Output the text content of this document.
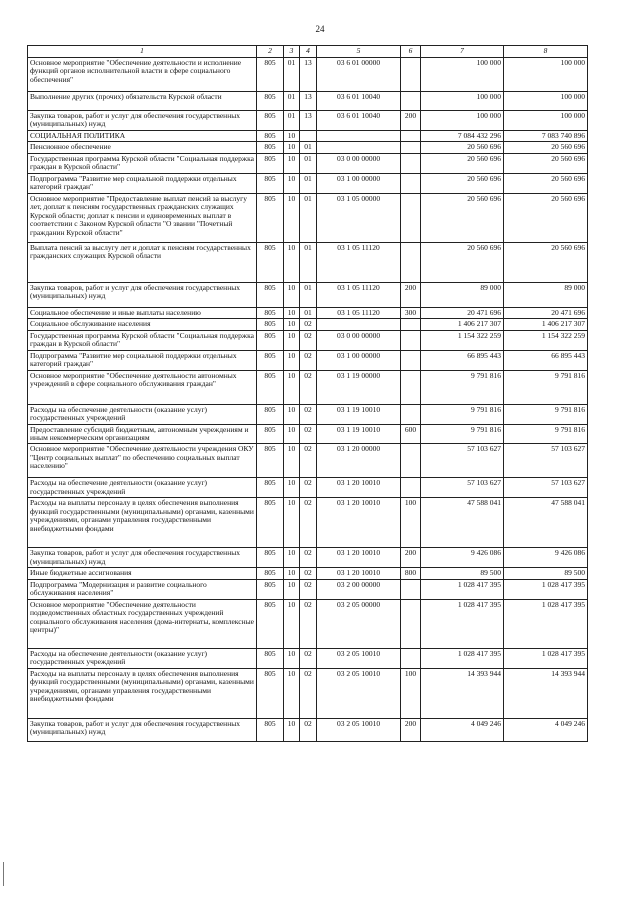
24
1	2	3	4	5	6	7	8
Основное мероприятие "Обеспечение деятельности и исполнение функций органов исполнительной власти в сфере социального обеспечения"	805	01	13	03 6 01 00000		100 000	100 000
Выполнение других (прочих) обязательств Курской области	805	01	13	03 6 01 10040		100 000	100 000
Закупка товаров, работ и услуг для обеспечения государственных (муниципальных) нужд	805	01	13	03 6 01 10040	200	100 000	100 000
СОЦИАЛЬНАЯ ПОЛИТИКА	805	10				7 084 432 296	7 083 740 896
Пенсионное обеспечение	805	10	01			20 560 696	20 560 696
Государственная программа Курской области "Социальная поддержка граждан в Курской области"	805	10	01	03 0 00 00000		20 560 696	20 560 696
Подпрограмма "Развитие мер социальной поддержки отдельных категорий граждан"	805	10	01	03 1 00 00000		20 560 696	20 560 696
Основное мероприятие "Предоставление выплат пенсий за выслугу лет, доплат к пенсиям государственных гражданских служащих Курской области; доплат к пенсии и единовременных выплат в соответствии с Законом Курской области "О звании "Почетный гражданин Курской области"	805	10	01	03 1 05 00000		20 560 696	20 560 696
Выплата пенсий за выслугу лет и доплат к пенсиям государственных гражданских служащих Курской области	805	10	01	03 1 05 11120		20 560 696	20 560 696
Закупка товаров, работ и услуг для обеспечения государственных (муниципальных) нужд	805	10	01	03 1 05 11120	200	89 000	89 000
Социальное обеспечение и иные выплаты населению	805	10	01	03 1 05 11120	300	20 471 696	20 471 696
Социальное обслуживание населения	805	10	02			1 406 217 307	1 406 217 307
Государственная программа Курской области "Социальная поддержка граждан в Курской области"	805	10	02	03 0 00 00000		1 154 322 259	1 154 322 259
Подпрограмма "Развитие мер социальной поддержки отдельных категорий граждан"	805	10	02	03 1 00 00000		66 895 443	66 895 443
Основное мероприятие "Обеспечение деятельности автономных учреждений в сфере социального обслуживания граждан"	805	10	02	03 1 19 00000		9 791 816	9 791 816
Расходы на обеспечение деятельности (оказание услуг) государственных учреждений	805	10	02	03 1 19 10010		9 791 816	9 791 816
Предоставление субсидий бюджетным, автономным учреждениям и иным некоммерческим организациям	805	10	02	03 1 19 10010	600	9 791 816	9 791 816
Основное мероприятие "Обеспечение деятельности учреждения ОКУ "Центр социальных выплат" по обеспечению социальных выплат населению"	805	10	02	03 1 20 00000		57 103 627	57 103 627
Расходы на обеспечение деятельности (оказание услуг) государственных учреждений	805	10	02	03 1 20 10010		57 103 627	57 103 627
Расходы на выплаты персоналу в целях обеспечения выполнения функций государственными (муниципальными) органами, казенными учреждениями, органами управления государственными внебюджетными фондами	805	10	02	03 1 20 10010	100	47 588 041	47 588 041
Закупка товаров, работ и услуг для обеспечения государственных (муниципальных) нужд	805	10	02	03 1 20 10010	200	9 426 086	9 426 086
Иные бюджетные ассигнования	805	10	02	03 1 20 10010	800	89 500	89 500
Подпрограмма "Модернизация и развитие социального обслуживания населения"	805	10	02	03 2 00 00000		1 028 417 395	1 028 417 395
Основное мероприятие "Обеспечение деятельности подведомственных областных государственных учреждений социального обслуживания населения (дома-интернаты, комплексные центры)"	805	10	02	03 2 05 00000		1 028 417 395	1 028 417 395
Расходы на обеспечение деятельности (оказание услуг) государственных учреждений	805	10	02	03 2 05 10010		1 028 417 395	1 028 417 395
Расходы на выплаты персоналу в целях обеспечения выполнения функций государственными (муниципальными) органами, казенными учреждениями, органами управления государственными внебюджетными фондами	805	10	02	03 2 05 10010	100	14 393 944	14 393 944
Закупка товаров, работ и услуг для обеспечения государственных (муниципальных) нужд	805	10	02	03 2 05 10010	200	4 049 246	4 049 246
